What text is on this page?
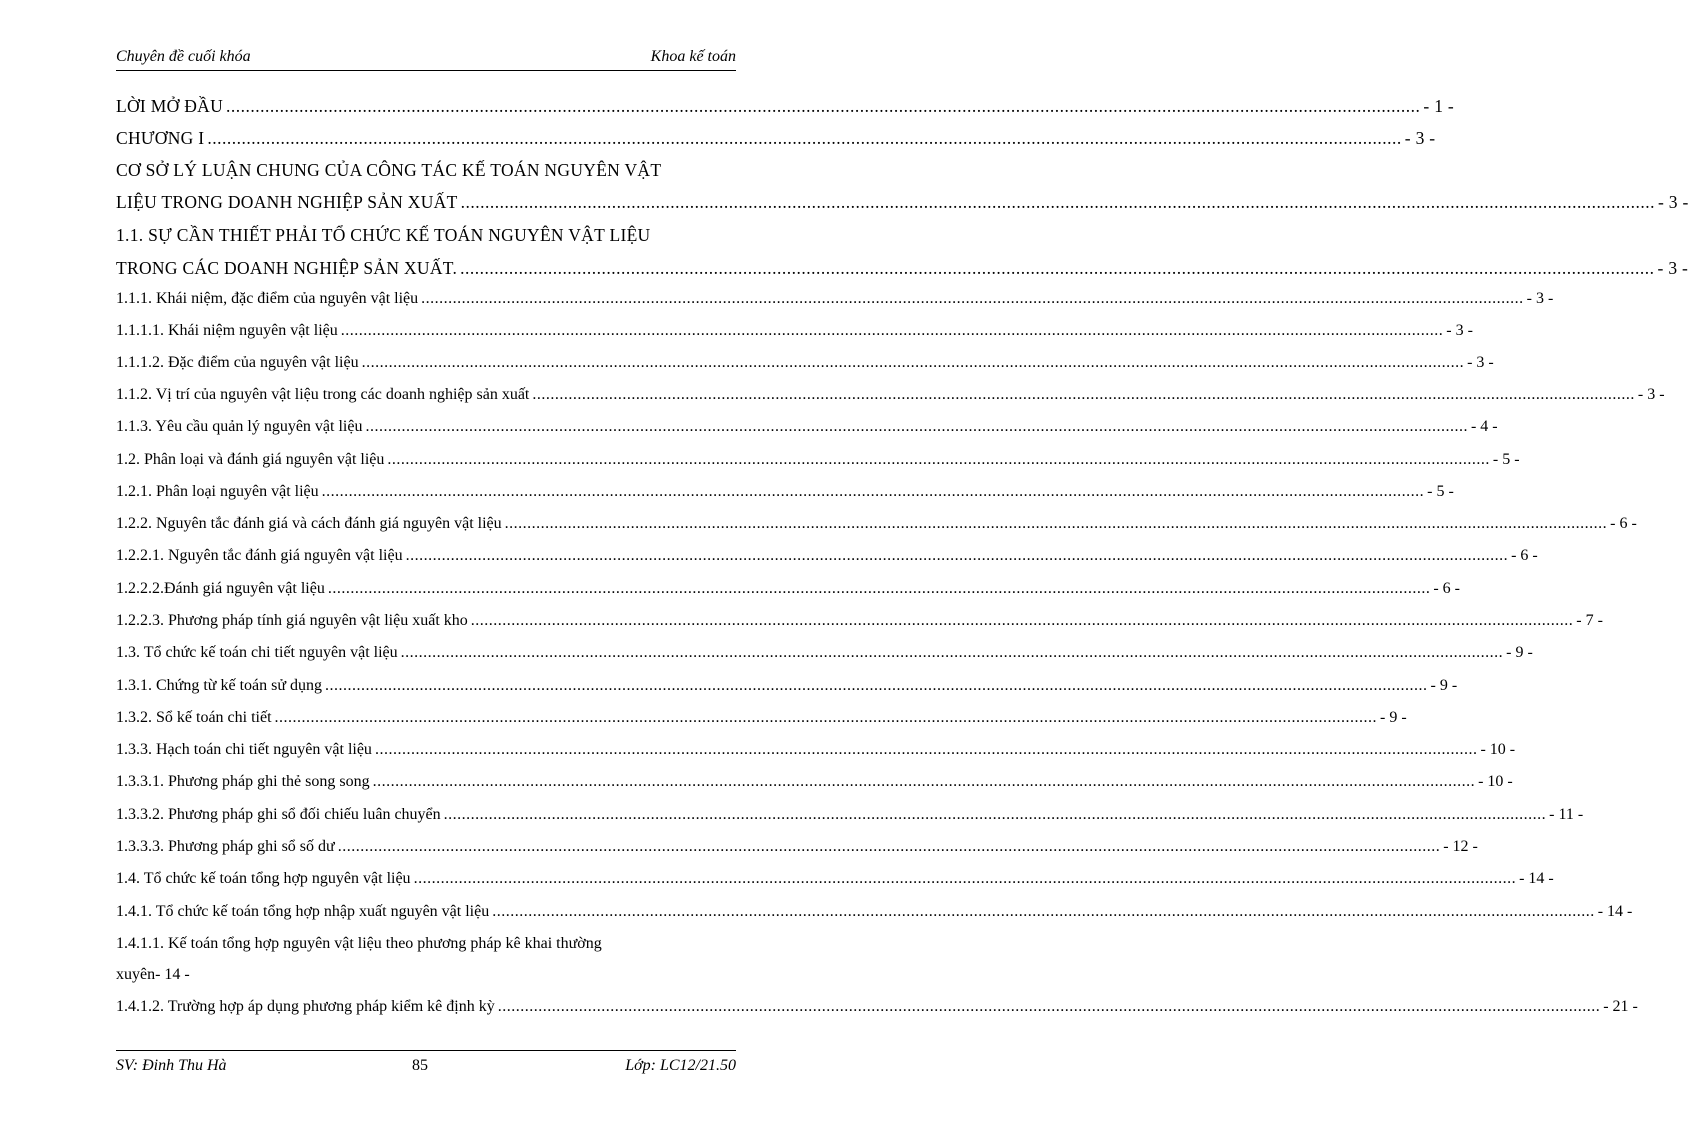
Chuyên đề cuối khóa	Khoa kế toán
LỜI MỞ ĐẦU .....	- 1 -
CHƯƠNG I .....	- 3 -
CƠ SỞ LÝ LUẬN CHUNG CỦA CÔNG TÁC KẾ TOÁN NGUYÊN VẬT
LIỆU TRONG DOANH NGHIỆP SẢN XUẤT .....	- 3 -
1.1. SỰ CẦN THIẾT PHẢI TỔ CHỨC KẾ TOÁN NGUYÊN VẬT LIỆU
TRONG CÁC DOANH NGHIỆP SẢN XUẤT. .....	- 3 -
1.1.1. Khái niệm, đặc điểm của nguyên vật liệu .....	- 3 -
1.1.1.1. Khái niệm nguyên vật liệu .....	- 3 -
1.1.1.2. Đặc điểm của nguyên vật liệu .....	- 3 -
1.1.2. Vị trí của nguyên vật liệu trong các doanh nghiệp sản xuất .....	- 3 -
1.1.3. Yêu cầu quản lý nguyên vật liệu .....	- 4 -
1.2. Phân loại và đánh giá nguyên vật liệu .....	- 5 -
1.2.1. Phân loại nguyên vật liệu .....	- 5 -
1.2.2. Nguyên tắc đánh giá và cách đánh giá nguyên vật liệu .....	- 6 -
1.2.2.1. Nguyên tắc đánh giá nguyên vật liệu .....	- 6 -
1.2.2.2.Đánh giá nguyên vật liệu .....	- 6 -
1.2.2.3. Phương pháp tính giá nguyên vật liệu xuất kho .....	- 7 -
1.3. Tổ chức kế toán chi tiết nguyên vật liệu .....	- 9 -
1.3.1. Chứng từ kế toán sử dụng .....	- 9 -
1.3.2. Sổ kế toán chi tiết .....	- 9 -
1.3.3. Hạch toán chi tiết nguyên vật liệu .....	- 10 -
1.3.3.1. Phương pháp ghi thẻ song song .....	- 10 -
1.3.3.2. Phương pháp ghi sổ đối chiếu luân chuyển .....	- 11 -
1.3.3.3. Phương pháp ghi sổ số dư .....	- 12 -
1.4. Tổ chức kế toán tổng hợp nguyên vật liệu .....	- 14 -
1.4.1. Tổ chức kế toán tổng hợp nhập xuất nguyên vật liệu .....	- 14 -
1.4.1.1. Kế toán tổng hợp nguyên vật liệu theo phương pháp kê khai thường
xuyên- 14 -
1.4.1.2. Trường hợp áp dụng phương pháp kiểm kê định kỳ .....	- 21 -
SV: Đinh Thu Hà	85	Lớp: LC12/21.50
